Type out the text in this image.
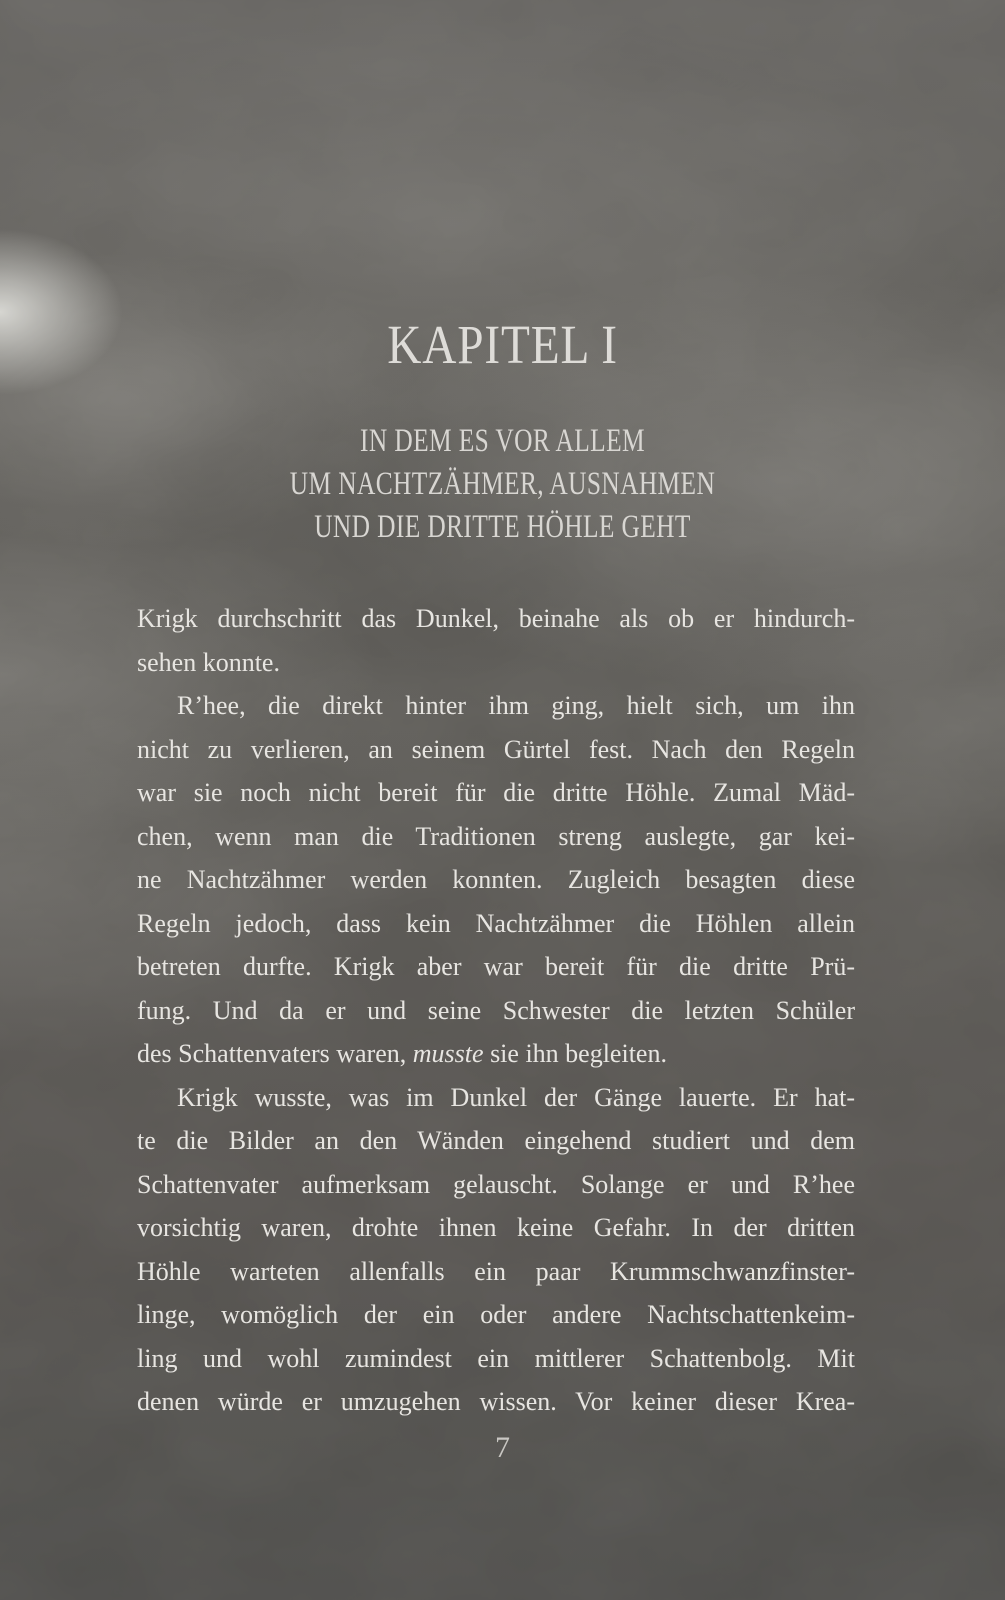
KAPITEL I
IN DEM ES VOR ALLEM
UM NACHTZÄHMER, AUSNAHMEN
UND DIE DRITTE HÖHLE GEHT
Krigk durchschritt das Dunkel, beinahe als ob er hindurch-
sehen konnte.
R’hee, die direkt hinter ihm ging, hielt sich, um ihn
nicht zu verlieren, an seinem Gürtel fest. Nach den Regeln
war sie noch nicht bereit für die dritte Höhle. Zumal Mäd-
chen, wenn man die Traditionen streng auslegte, gar kei-
ne Nachtzähmer werden konnten. Zugleich besagten diese
Regeln jedoch, dass kein Nachtzähmer die Höhlen allein
betreten durfte. Krigk aber war bereit für die dritte Prü-
fung. Und da er und seine Schwester die letzten Schüler
des Schattenvaters waren, musste sie ihn begleiten.
Krigk wusste, was im Dunkel der Gänge lauerte. Er hat-
te die Bilder an den Wänden eingehend studiert und dem
Schattenvater aufmerksam gelauscht. Solange er und R’hee
vorsichtig waren, drohte ihnen keine Gefahr. In der dritten
Höhle warteten allenfalls ein paar Krummschwanzfinster-
linge, womöglich der ein oder andere Nachtschattenkeim-
ling und wohl zumindest ein mittlerer Schattenbolg. Mit
denen würde er umzugehen wissen. Vor keiner dieser Krea-
7
